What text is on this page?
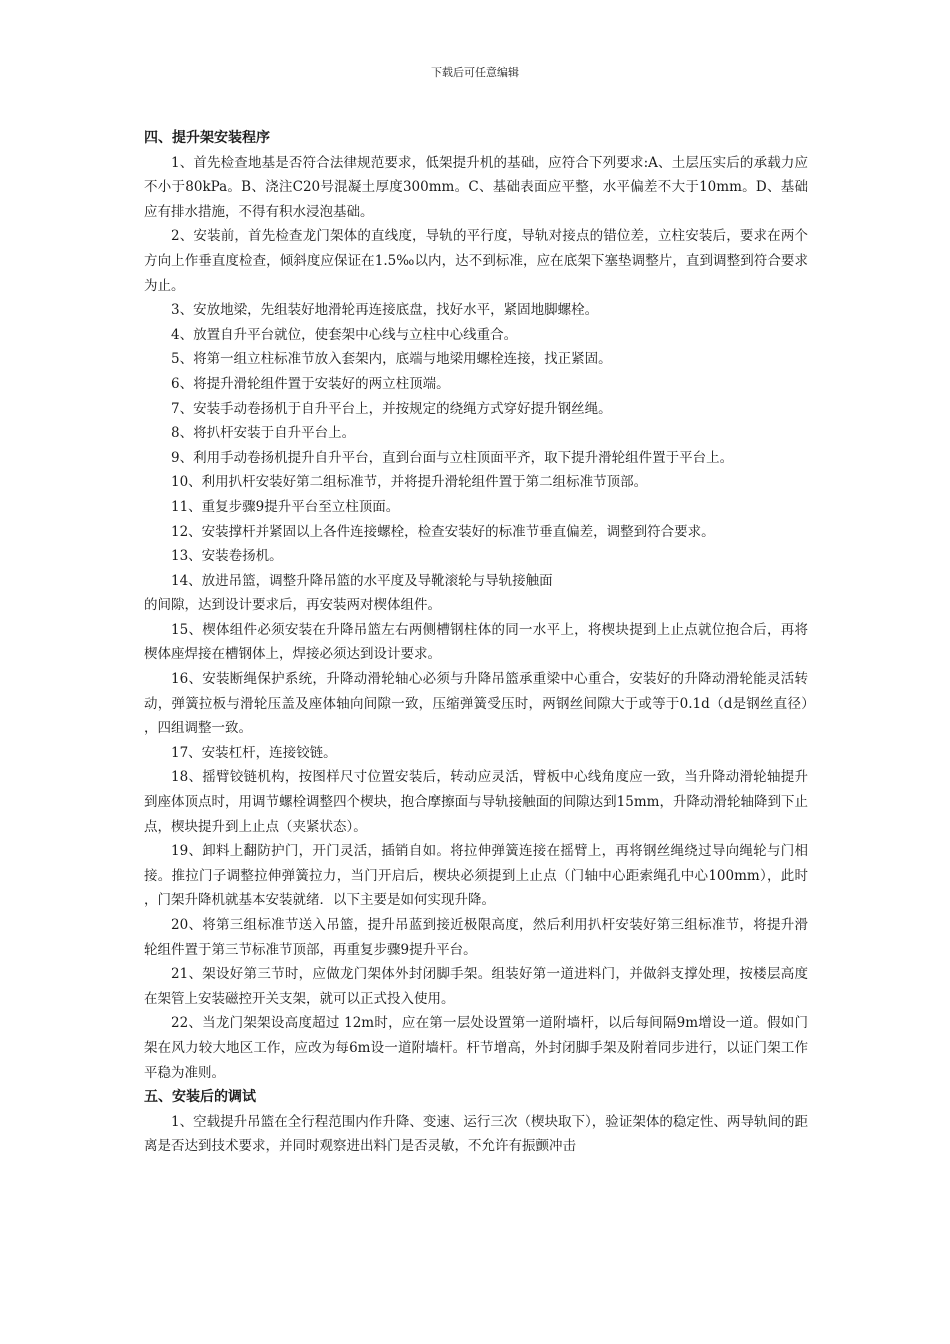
下载后可任意编辑
四、提升架安装程序

1、首先检查地基是否符合法律规范要求，低架提升机的基础，应符合下列要求:A、土层压实后的承载力应不小于80kPa。B、浇注C20号混凝土厚度300mm。C、基础表面应平整，水平偏差不大于10mm。D、基础应有排水措施，不得有积水浸泡基础。

2、安装前，首先检查龙门架体的直线度，导轨的平行度，导轨对接点的错位差，立柱安装后，要求在两个方向上作垂直度检查，倾斜度应保证在1.5‰以内，达不到标准，应在底架下塞垫调整片，直到调整到符合要求为止。

3、安放地梁，先组装好地滑轮再连接底盘，找好水平，紧固地脚螺栓。

4、放置自升平台就位，使套架中心线与立柱中心线重合。

5、将第一组立柱标准节放入套架内，底端与地梁用螺栓连接，找正紧固。

6、将提升滑轮组件置于安装好的两立柱顶端。

7、安装手动卷扬机于自升平台上，并按规定的绕绳方式穿好提升钢丝绳。

8、将扒杆安装于自升平台上。

9、利用手动卷扬机提升自升平台，直到台面与立柱顶面平齐，取下提升滑轮组件置于平台上。

10、利用扒杆安装好第二组标准节，并将提升滑轮组件置于第二组标准节顶部。

11、重复步骤9提升平台至立柱顶面。

12、安装撑杆并紧固以上各件连接螺栓，检查安装好的标准节垂直偏差，调整到符合要求。

13、安装卷扬机。

14、放进吊篮，调整升降吊篮的水平度及导靴滚轮与导轨接触面

的间隙，达到设计要求后，再安装两对楔体组件。

15、楔体组件必须安装在升降吊篮左右两侧槽钢柱体的同一水平上，将楔块提到上止点就位抱合后，再将楔体座焊接在槽钢体上，焊接必须达到设计要求。

16、安装断绳保护系统，升降动滑轮轴心必须与升降吊篮承重梁中心重合，安装好的升降动滑轮能灵活转动，弹簧拉板与滑轮压盖及座体轴向间隙一致，压缩弹簧受压时，两钢丝间隙大于或等于0.1d（d是钢丝直径），四组调整一致。

17、安装杠杆，连接铰链。

18、摇臂铰链机构，按图样尺寸位置安装后，转动应灵活，臂板中心线角度应一致，当升降动滑轮轴提升到座体顶点时，用调节螺栓调整四个楔块，抱合摩擦面与导轨接触面的间隙达到15mm，升降动滑轮轴降到下止点，楔块提升到上止点（夹紧状态）。

19、卸料上翻防护门，开门灵活，插销自如。将拉伸弹簧连接在摇臂上，再将钢丝绳绕过导向绳轮与门相接。推拉门子调整拉伸弹簧拉力，当门开启后，楔块必须提到上止点（门轴中心距索绳孔中心100mm），此时，门架升降机就基本安装就绪．以下主要是如何实现升降。

20、将第三组标准节送入吊篮，提升吊蓝到接近极限高度，然后利用扒杆安装好第三组标准节，将提升滑轮组件置于第三节标准节顶部，再重复步骤9提升平台。

21、架设好第三节时，应做龙门架体外封闭脚手架。组装好第一道进料门，并做斜支撑处理，按楼层高度在架管上安装磁控开关支架，就可以正式投入使用。

22、当龙门架架设高度超过 12m时，应在第一层处设置第一道附墙杆，以后每间隔9m增设一道。假如门架在风力较大地区工作，应改为每6m设一道附墙杆。杆节增高，外封闭脚手架及附着同步进行，以证门架工作平稳为准则。

五、安装后的调试

1、空载提升吊篮在全行程范围内作升降、变速、运行三次（楔块取下），验证架体的稳定性、两导轨间的距离是否达到技术要求，并同时观察进出料门是否灵敏，不允许有振颤冲击
